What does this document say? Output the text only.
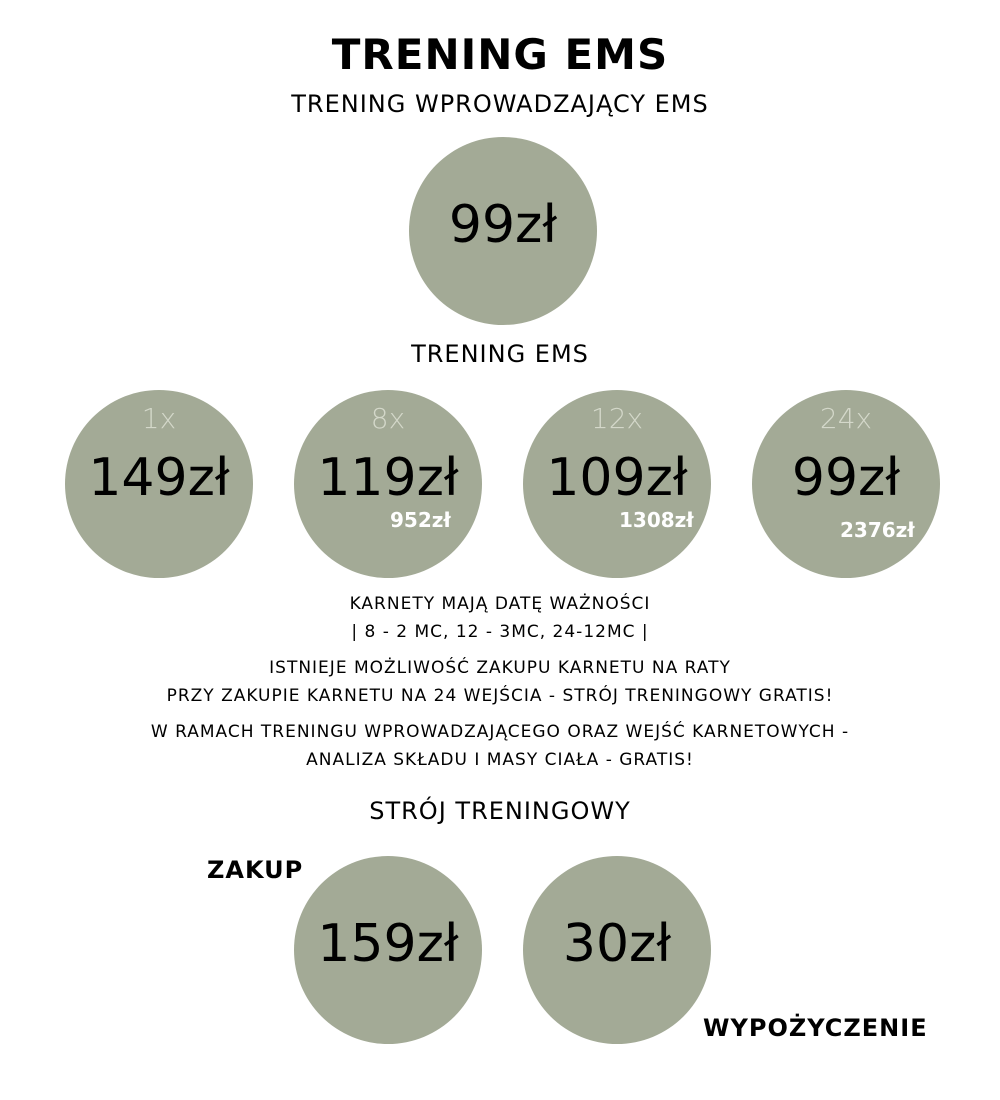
TRENING EMS
TRENING WPROWADZAJĄCY EMS
99zł
TRENING EMS
1x
149zł
8x
119zł
952zł
12x
109zł
1308zł
24x
99zł
2376zł
KARNETY MAJĄ DATĘ WAŻNOŚCI
| 8 - 2 MC, 12 - 3MC, 24-12MC |
ISTNIEJE MOŻLIWOŚĆ ZAKUPU KARNETU NA RATY
PRZY ZAKUPIE KARNETU NA 24 WEJŚCIA - STRÓJ TRENINGOWY GRATIS!
W RAMACH TRENINGU WPROWADZAJĄCEGO ORAZ WEJŚĆ KARNETOWYCH -
ANALIZA SKŁADU I MASY CIAŁA - GRATIS!
STRÓJ TRENINGOWY
ZAKUP
159zł	30zł
WYPOŻYCZENIE
